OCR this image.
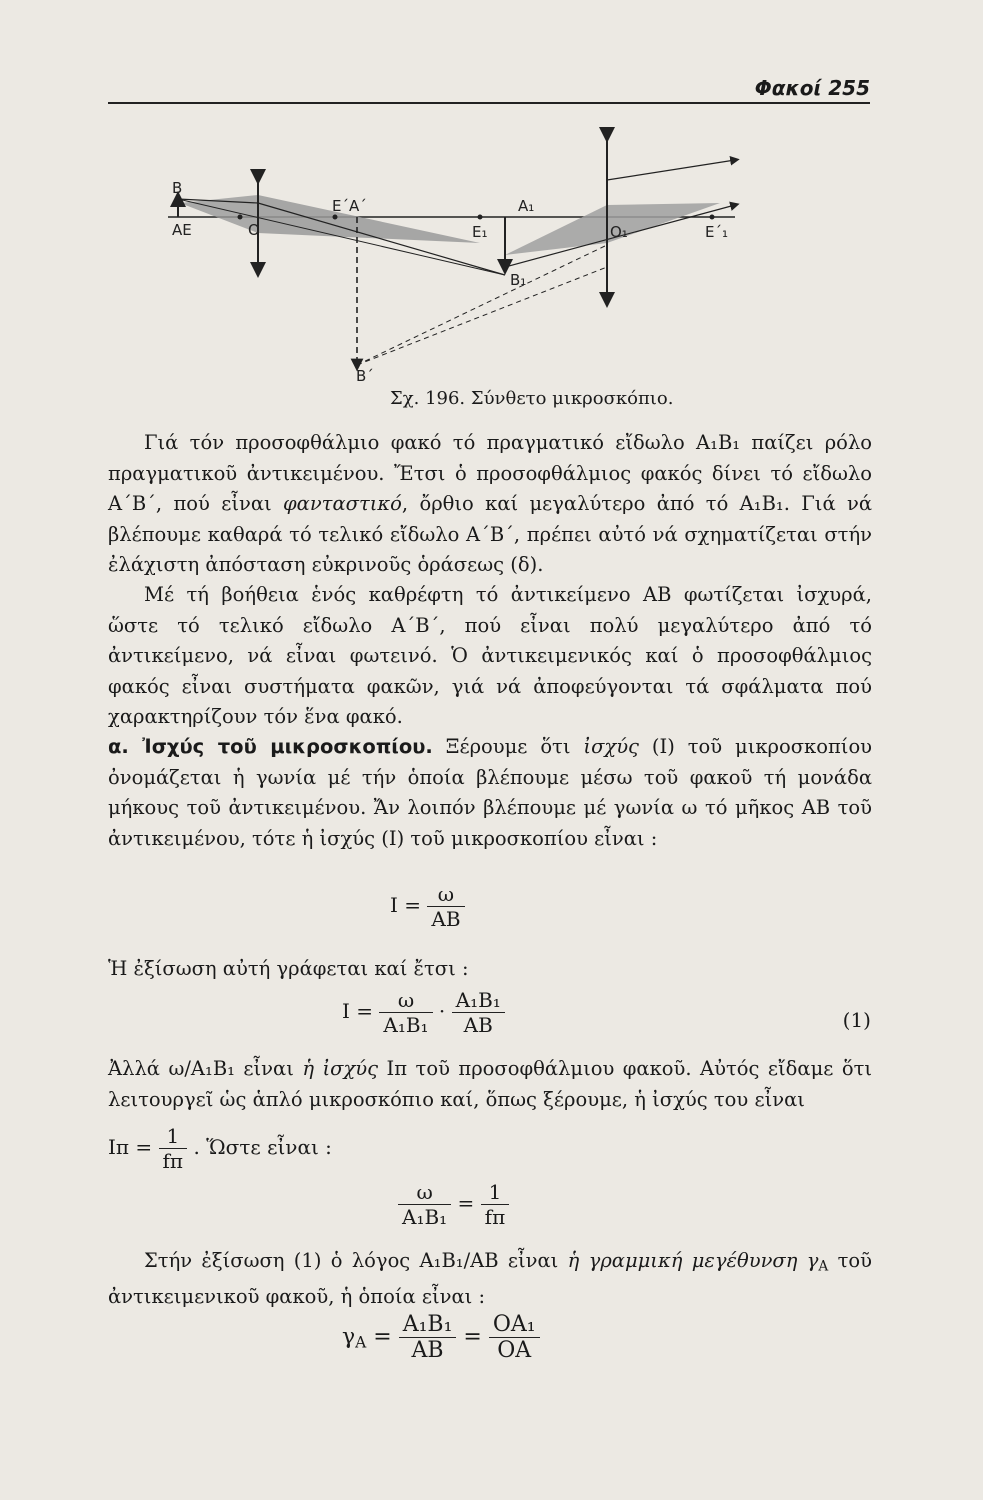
Φακοί 255
B
AE	O
E΄A΄	A₁
E₁	O₁	E΄₁
B₁
B΄
Σχ. 196. Σύνθετο μικροσκόπιο.

Γιά τόν προσοφθάλμιο φακό τό πραγματικό εἴδωλο A₁B₁ παίζει ρόλο πραγματικοῦ ἀντικειμένου. Ἔτσι ὁ προσοφθάλμιος φακός δίνει τό εἴδωλο A΄B΄, πού εἶναι φανταστικό, ὄρθιο καί μεγαλύτερο ἀπό τό A₁B₁. Γιά νά βλέπουμε καθαρά τό τελικό εἴδωλο A΄B΄, πρέπει αὐτό νά σχηματίζεται στήν ἐλάχιστη ἀπόσταση εὐκρινοῦς ὁράσεως (δ).

Μέ τή βοήθεια ἑνός καθρέφτη τό ἀντικείμενο AB φωτίζεται ἰσχυρά, ὥστε τό τελικό εἴδωλο A΄B΄, πού εἶναι πολύ μεγαλύτερο ἀπό τό ἀντικείμενο, νά εἶναι φωτεινό. Ὁ ἀντικειμενικός καί ὁ προσοφθάλμιος φακός εἶναι συστήματα φακῶν, γιά νά ἀποφεύγονται τά σφάλματα πού χαρακτηρίζουν τόν ἕνα φακό.

α. Ἰσχύς τοῦ μικροσκοπίου. Ξέρουμε ὅτι ἰσχύς (I) τοῦ μικροσκοπίου ὀνομάζεται ἡ γωνία μέ τήν ὁποία βλέπουμε μέσω τοῦ φακοῦ τή μονάδα μήκους τοῦ ἀντικειμένου. Ἄν λοιπόν βλέπουμε μέ γωνία ω τό μῆκος AB τοῦ ἀντικειμένου, τότε ἡ ἰσχύς (I) τοῦ μικροσκοπίου εἶναι :

$I = \frac{\omega}{AB}$

Ἡ ἐξίσωση αὐτή γράφεται καί ἔτσι :

$I = \frac{\omega}{\text{A₁B₁}} \cdot \frac{\text{A₁B₁}}{AB}$	(1)

Ἀλλά ω/A₁B₁ εἶναι ἡ ἰσχύς Iπ τοῦ προσοφθάλμιου φακοῦ. Αὐτός εἴδαμε ὅτι λειτουργεῖ ὡς ἁπλό μικροσκόπιο καί, ὅπως ξέρουμε, ἡ ἰσχύς του εἶναι

$I\pi = \frac{1}{f\pi}$ . Ὥστε εἶναι :
$\frac{\omega}{\text{A₁B₁}} = \frac{1}{f\pi}$

Στήν ἐξίσωση (1) ὁ λόγος A₁B₁/AB εἶναι ἡ γραμμική μεγέθυνση $\gamma_A$ τοῦ ἀντικειμενικοῦ φακοῦ, ἡ ὁποία εἶναι :

$\gamma_A = \frac{\text{A₁B₁}}{AB} = \frac{\text{OA₁}}{OA}$
